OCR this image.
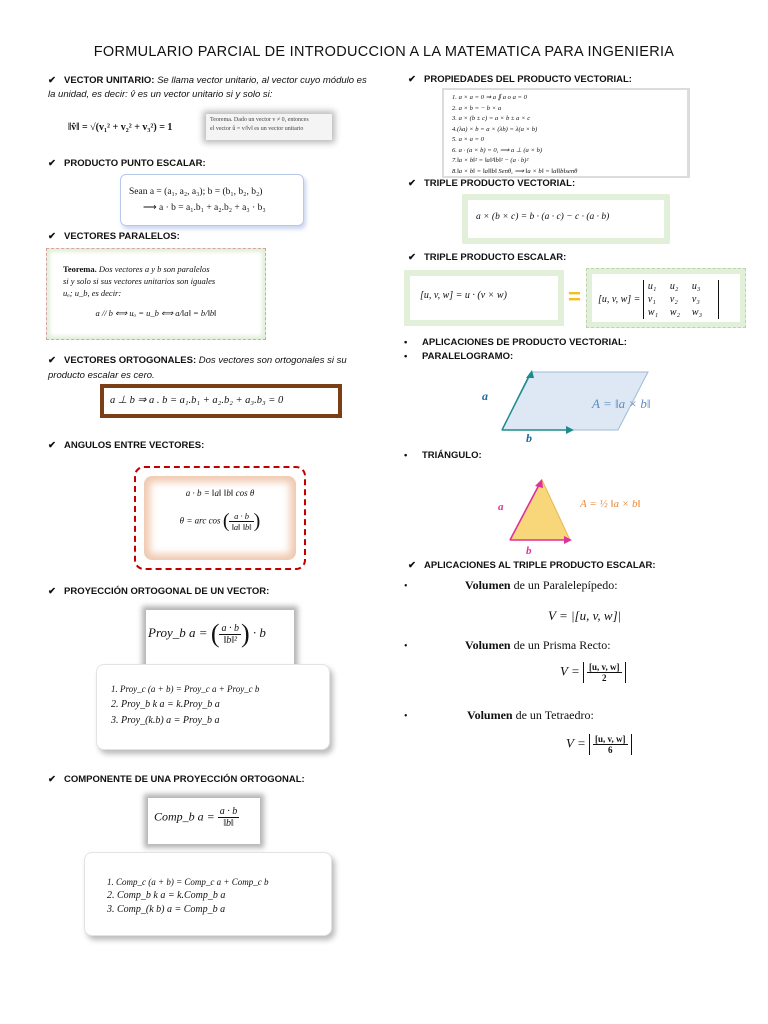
FORMULARIO PARCIAL DE INTRODUCCION A LA MATEMATICA PARA INGENIERIA
✔ VECTOR UNITARIO: Se llama vector unitario, al vector cuyo módulo es la unidad, es decir: v̂ es un vector unitario si y solo si:
‖v̂‖ = √(v₁² + v₂² + v₃²) = 1
Teorema. Dado un vector v ≠ 0, entonces
el vector û = v/‖v‖ es un vector unitario
✔ PRODUCTO PUNTO ESCALAR:
Sean a = (a₁, a₂, a₃); b = (b₁, b₂, b₂)
⟶ a · b = a₁.b₁ + a₂.b₂ + a₃ · b₃
✔ VECTORES PARALELOS:
Teorema. Dos vectores a y b son paralelos
si y solo si sus vectores unitarios son iguales
uₐ; u_b, es decir:
a // b ⟺ uₐ = u_b ⟺ a/‖a‖ = b/‖b‖
✔ VECTORES ORTOGONALES: Dos vectores son ortogonales si su producto escalar es cero.
a ⊥ b ⇒ a . b = a₁.b₁ + a₂.b₂ + a₃.b₃ = 0
✔ ANGULOS ENTRE VECTORES:
a · b = ‖a‖ ‖b‖ cos θ
θ = arc cos ( $\frac{a \cdot b}{‖a‖ ‖b‖}$ )
✔ PROYECCIÓN ORTOGONAL DE UN VECTOR:
Proy_b a = ( $\frac{a \cdot b}{\text{‖b‖²}}$ ) · b
1. Proy_c (a + b) = Proy_c a + Proy_c b
2. Proy_b k a = k.Proy_b a
3. Proy_(k.b) a = Proy_b a
✔ COMPONENTE DE UNA PROYECCIÓN ORTOGONAL:
Comp_b $a = \frac{a \cdot b}{‖b‖}$
1. Comp_c (a + b) = Comp_c a + Comp_c b
2. Comp_b k a = k.Comp_b a
3. Comp_(k b) a = Comp_b a
✔ PROPIEDADES DEL PRODUCTO VECTORIAL:
1. a × a = 0 ⇒ a ∥ a o a = 0
2. a × b = − b × a
3. a × (b ± c) = a × b ± a × c
4.(λa) × b = a × (λb) = λ(a × b)
5. a × a = 0
6. a · (a × b) = 0, ⟹ a ⊥ (a × b)
7.‖a × b‖² = ‖a‖²‖b‖² − (a · b)²
8.‖a × b‖ = ‖a‖‖b‖ Senθ, ⟹ ‖a × b‖ = ‖a‖‖b‖senθ
✔ TRIPLE PRODUCTO VECTORIAL:
a × (b × c) = b · (a · c) − c · (a · b)
✔ TRIPLE PRODUCTO ESCALAR:
[u, v, w] = u · (v × w)	=	[u, v, w] =
u₁	u₂	u₃
v₁	v₂	v₃
w₁	w₂	w₃
• APLICACIONES DE PRODUCTO VECTORIAL:
• PARALELOGRAMO:
a
b
A = ‖a × b‖
• TRIÁNGULO:
a
b
A = ½ ‖a × b‖
✔ APLICACIONES AL TRIPLE PRODUCTO ESCALAR:
•	Volumen de un Paralelepípedo:
V = |[u, v, w]|
•	Volumen de un Prisma Recto:
$V = \frac{[u, v, w]}{2}$
•	Volumen de un Tetraedro:
$V = \frac{[u, v, w]}{6}$
